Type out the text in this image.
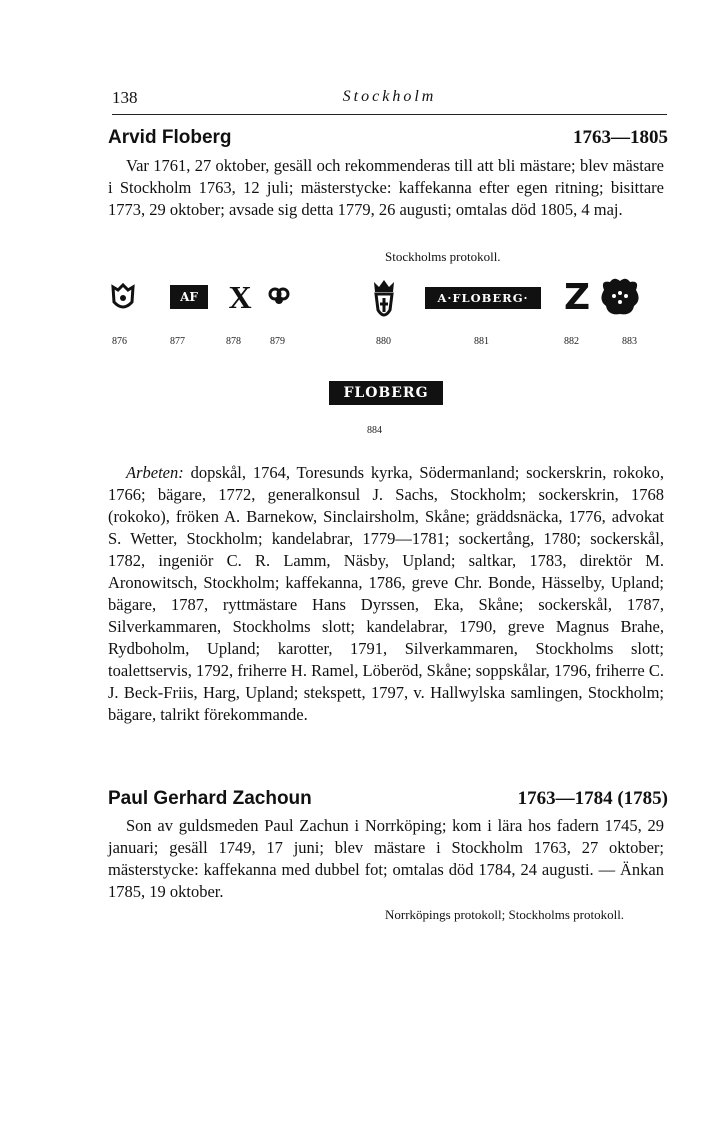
138	Stockholm
Arvid Floberg	1763—1805

Var 1761, 27 oktober, gesäll och rekommenderas till att bli mästare; blev mästare i Stockholm 1763, 12 juli; mästerstycke: kaffekanna efter egen ritning; bisittare 1773, 29 oktober; avsade sig detta 1779, 26 augusti; omtalas död 1805, 4 maj.

Stockholms protokoll.
876
AF
877
X
878	879	880
A·FLOBERG·
881
Z
882	883
FLOBERG
884

Arbeten: dopskål, 1764, Toresunds kyrka, Södermanland; sockerskrin, rokoko, 1766; bägare, 1772, generalkonsul J. Sachs, Stockholm; sockerskrin, 1768 (rokoko), fröken A. Barnekow, Sinclairsholm, Skåne; gräddsnäcka, 1776, advokat S. Wetter, Stockholm; kandelabrar, 1779—1781; sockertång, 1780; sockerskål, 1782, ingeniör C. R. Lamm, Näsby, Upland; saltkar, 1783, direktör M. Aronowitsch, Stockholm; kaffekanna, 1786, greve Chr. Bonde, Hässelby, Upland; bägare, 1787, ryttmästare Hans Dyrssen, Eka, Skåne; sockerskål, 1787, Silverkammaren, Stockholms slott; kandelabrar, 1790, greve Magnus Brahe, Rydboholm, Upland; karotter, 1791, Silverkammaren, Stockholms slott; toalettservis, 1792, friherre H. Ramel, Löberöd, Skåne; soppskålar, 1796, friherre C. J. Beck-Friis, Harg, Upland; stekspett, 1797, v. Hallwylska samlingen, Stockholm; bägare, talrikt förekommande.

Paul Gerhard Zachoun	1763—1784 (1785)

Son av guldsmeden Paul Zachun i Norrköping; kom i lära hos fadern 1745, 29 januari; gesäll 1749, 17 juni; blev mästare i Stockholm 1763, 27 oktober; mästerstycke: kaffekanna med dubbel fot; omtalas död 1784, 24 augusti. — Änkan 1785, 19 oktober.

Norrköpings protokoll; Stockholms protokoll.
